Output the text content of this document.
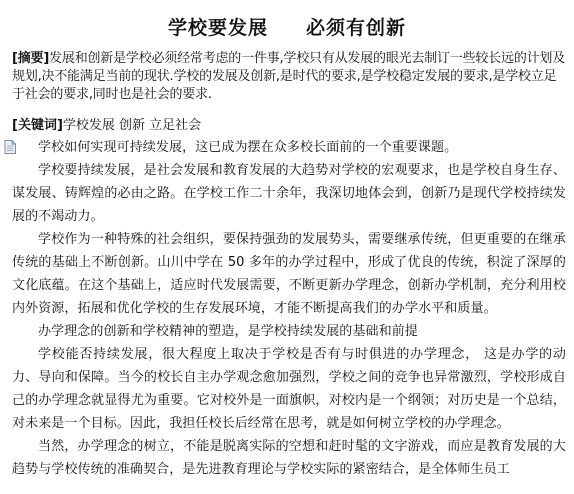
学校要发展     必须有创新
[摘要]发展和创新是学校必须经常考虑的一件事,学校只有从发展的眼光去制订一些较长远的计划及规划,决不能满足当前的现状.学校的发展及创新,是时代的要求,是学校稳定发展的要求,是学校立足于社会的要求,同时也是社会的要求.
[关键词]学校发展 创新 立足社会

学校如何实现可持续发展，这已成为摆在众多校长面前的一个重要课题。

学校要持续发展，是社会发展和教育发展的大趋势对学校的宏观要求，也是学校自身生存、谋发展、铸辉煌的必由之路。在学校工作二十余年，我深切地体会到，创新乃是现代学校持续发展的不竭动力。

学校作为一种特殊的社会组织，要保持强劲的发展势头，需要继承传统，但更重要的在继承传统的基础上不断创新。山川中学在 50 多年的办学过程中，形成了优良的传统，积淀了深厚的文化底蕴。在这个基础上，适应时代发展需要，不断更新办学理念，创新办学机制，充分利用校内外资源，拓展和优化学校的生存发展环境，才能不断提高我们的办学水平和质量。

办学理念的创新和学校精神的塑造，是学校持续发展的基础和前提

学校能否持续发展，很大程度上取决于学校是否有与时俱进的办学理念， 这是办学的动力、导向和保障。当今的校长自主办学观念愈加强烈，学校之间的竞争也异常激烈，学校形成自己的办学理念就显得尤为重要。它对校外是一面旗帜，对校内是一个纲领；对历史是一个总结，对未来是一个目标。因此，我担任校长后经常在思考，就是如何树立学校的办学理念。

当然，办学理念的树立，不能是脱离实际的空想和赶时髦的文字游戏，而应是教育发展的大趋势与学校传统的准确契合，是先进教育理论与学校实际的紧密结合，是全体师生员工
